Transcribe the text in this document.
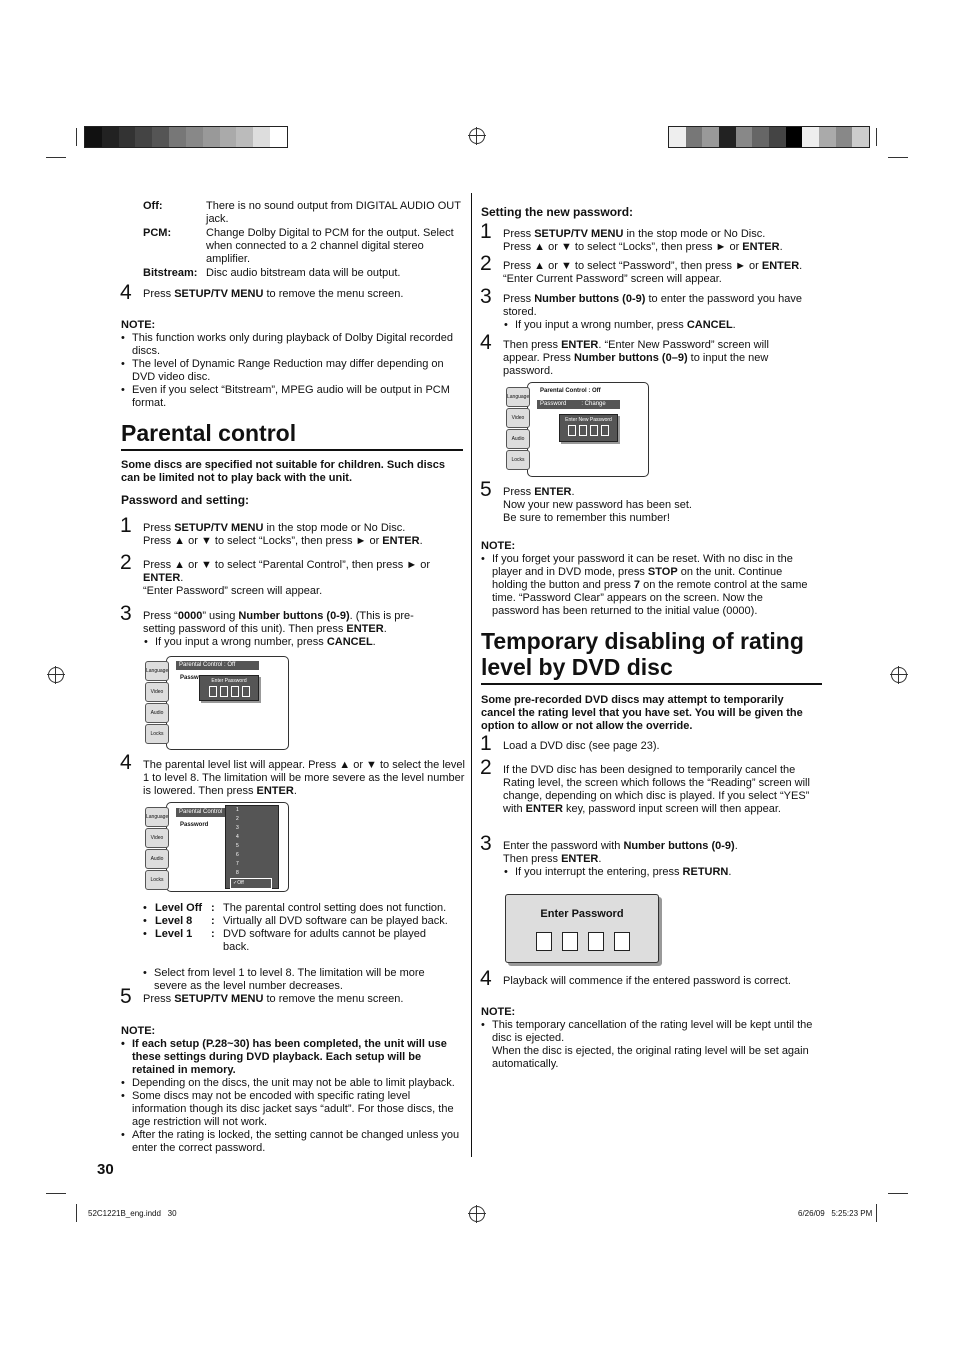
Off:	There is no sound output from DIGITAL AUDIO OUT jack.
PCM:	Change Dolby Digital to PCM for the output. Select when connected to a 2 channel digital stereo amplifier.
Bitstream: Disc audio bitstream data will be output.
4 Press SETUP/TV MENU to remove the menu screen.
NOTE:
• This function works only during playback of Dolby Digital recorded discs.
• The level of Dynamic Range Reduction may differ depending on DVD video disc.
• Even if you select “Bitstream”, MPEG audio will be output in PCM format.
Parental control
Some discs are specified not suitable for children. Such discs can be limited not to play back with the unit.
Password and setting:
1 Press SETUP/TV MENU in the stop mode or No Disc.
Press ▲ or ▼ to select “Locks”, then press ► or ENTER.
2 Press ▲ or ▼ to select “Parental Control”, then press ► or ENTER.
“Enter Password” screen will appear.
3 Press “0000” using Number buttons (0-9). (This is pre-setting password of this unit). Then press ENTER.
• If you input a wrong number, press CANCEL.
Language
Video
Audio
Locks
Parental Control : Off
Passw	Enter Password
4 The parental level list will appear. Press ▲ or ▼ to select the level 1 to level 8. The limitation will be more severe as the level number is lowered. Then press ENTER.
Language
Video
Audio
Locks
Parental Control
Password
1
2
3
4
5
6
7
8
✓Off
• Level Off : The parental control setting does not function.
• Level 8	: Virtually all DVD software can be played back.
• Level 1	: DVD software for adults cannot be played back.
• Select from level 1 to level 8. The limitation will be more severe as the level number decreases.
5 Press SETUP/TV MENU to remove the menu screen.
NOTE:
• If each setup (P.28~30) has been completed, the unit will use these settings during DVD playback. Each setup will be retained in memory.
• Depending on the discs, the unit may not be able to limit playback.
• Some discs may not be encoded with specific rating level information though its disc jacket says “adult”. For those discs, the age restriction will not work.
• After the rating is locked, the setting cannot be changed unless you enter the correct password.
30
Setting the new password:
1 Press SETUP/TV MENU in the stop mode or No Disc.
Press ▲ or ▼ to select “Locks”, then press ► or ENTER.
2 Press ▲ or ▼ to select “Password”, then press ► or ENTER.
“Enter Current Password” screen will appear.
3 Press Number buttons (0-9) to enter the password you have stored.
• If you input a wrong number, press CANCEL.
4 Then press ENTER. “Enter New Password” screen will appear. Press Number buttons (0–9) to input the new password.
Language
Video
Audio
Locks
Parental Control : Off
Password         : Change
Enter New Password
5 Press ENTER.
Now your new password has been set.
Be sure to remember this number!
NOTE:
• If you forget your password it can be reset. With no disc in the player and in DVD mode, press STOP on the unit. Continue holding the button and press 7 on the remote control at the same time. “Password Clear” appears on the screen. Now the password has been returned to the initial value (0000).
Temporary disabling of rating
level by DVD disc
Some pre-recorded DVD discs may attempt to temporarily cancel the rating level that you have set. You will be given the option to allow or not allow the override.
1 Load a DVD disc (see page 23).
2 If the DVD disc has been designed to temporarily cancel the Rating level, the screen which follows the “Reading” screen will change, depending on which disc is played. If you select “YES” with ENTER key, password input screen will then appear.
3 Enter the password with Number buttons (0-9).
Then press ENTER.
• If you interrupt the entering, press RETURN.
Enter Password
4 Playback will commence if the entered password is correct.
NOTE:
• This temporary cancellation of the rating level will be kept until the disc is ejected.
When the disc is ejected, the original rating level will be set again automatically.
52C1221B_eng.indd   30	6/26/09   5:25:23 PM
